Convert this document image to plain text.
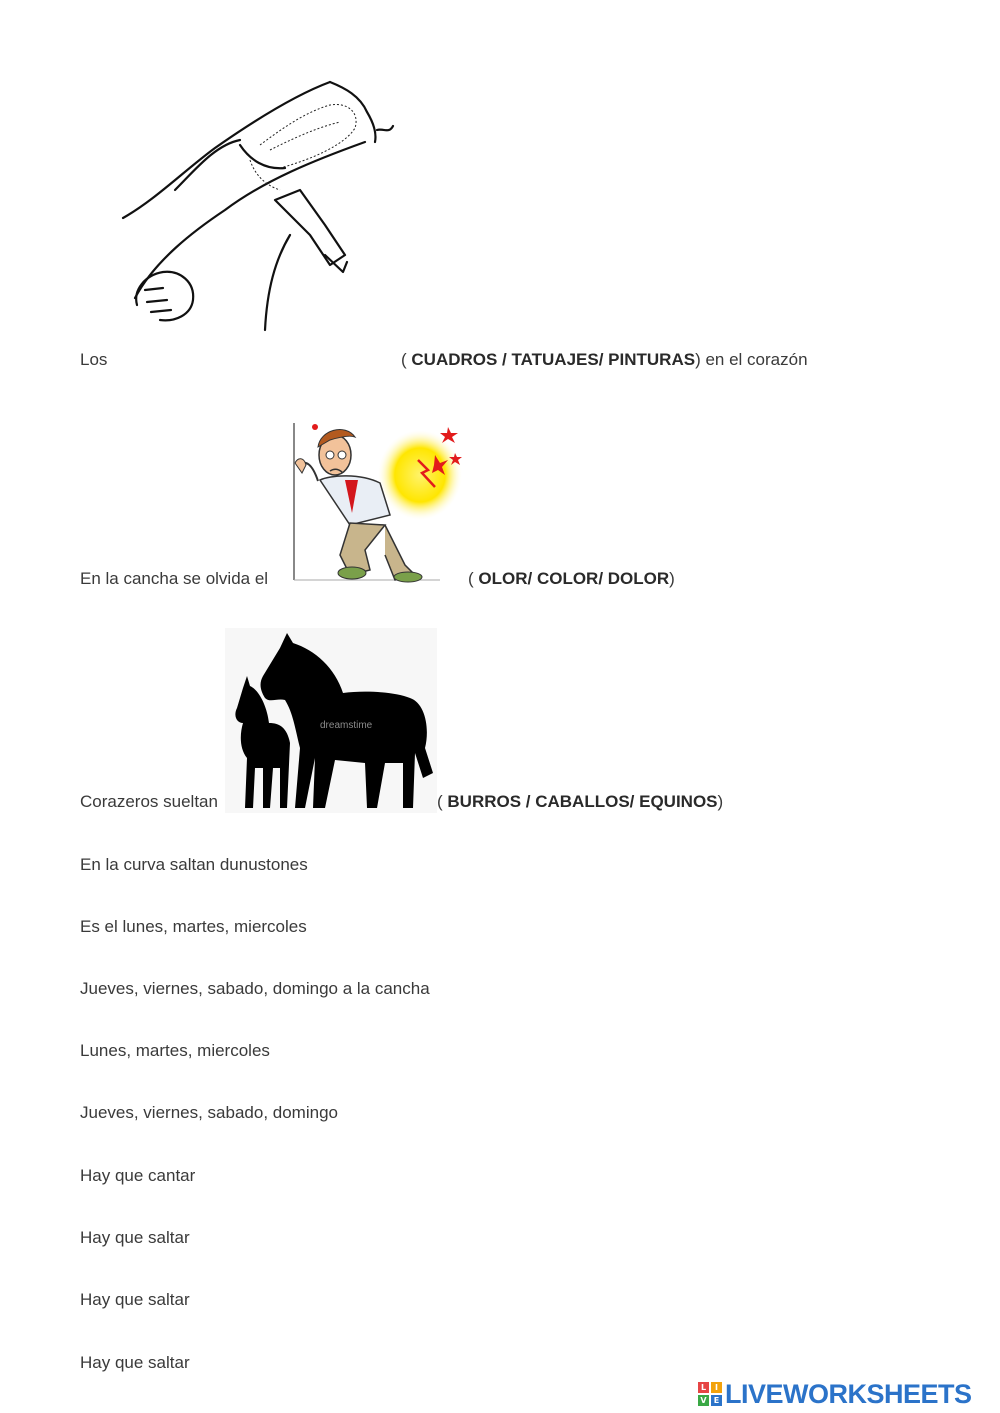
Los	( CUADROS / TATUAJES/ PINTURAS) en el corazón
En la cancha se olvida el	( OLOR/ COLOR/ DOLOR)
dreamstime
Corazeros sueltan	( BURROS / CABALLOS/ EQUINOS)
En la curva saltan dunustones
Es el lunes, martes, miercoles
Jueves, viernes, sabado, domingo a la cancha
Lunes, martes, miercoles
Jueves, viernes, sabado, domingo
Hay que cantar
Hay que saltar
Hay que saltar
Hay que saltar
L	I
V E LIVEWORKSHEETS
